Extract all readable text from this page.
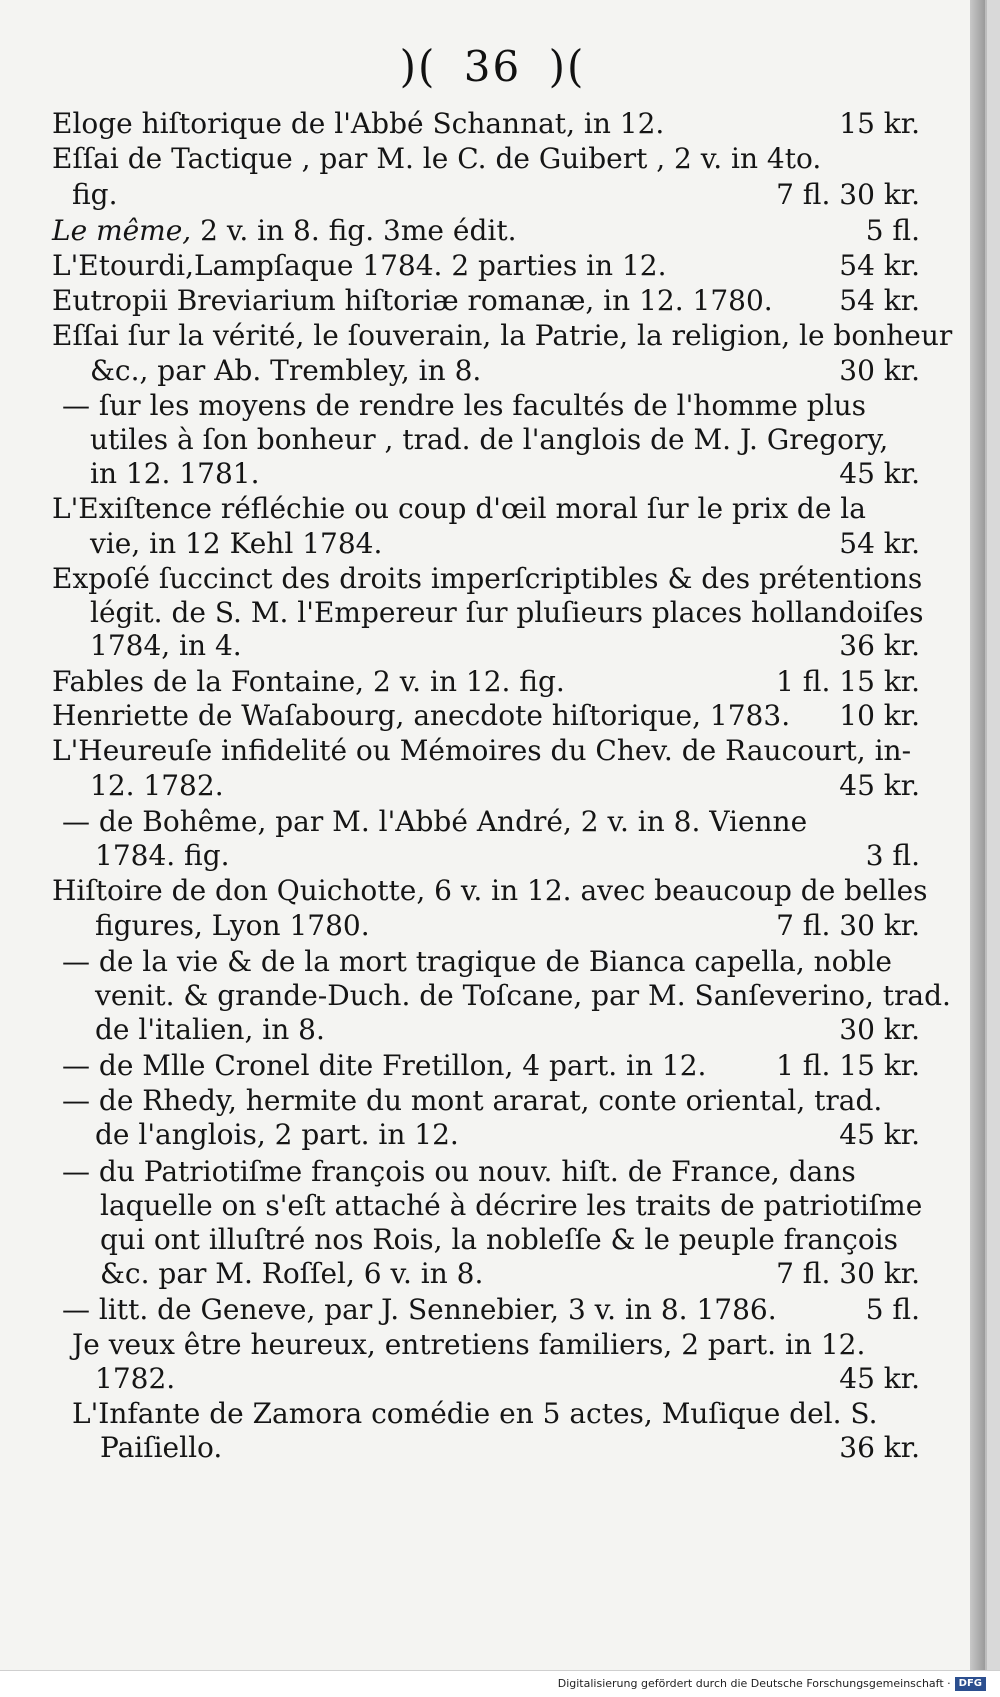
)( 36 )(
Eloge hiſtorique de l'Abbé Schannat, in 12.	15 kr.
Eſſai de Tactique , par M. le C. de Guibert , 2 v. in 4to.
fig.	7 fl. 30 kr.
Le même, 2 v. in 8. fig. 3me édit.	5 fl.
L'Etourdi,Lampſaque 1784. 2 parties in 12.	54 kr.
Eutropii Breviarium hiſtoriæ romanæ, in 12. 1780. 54 kr.
Eſſai ſur la vérité, le ſouverain, la Patrie, la religion, le bonheur
&c., par Ab. Trembley, in 8.	30 kr.
— ſur les moyens de rendre les facultés de l'homme plus
utiles à ſon bonheur , trad. de l'anglois de M. J. Gregory,
in 12. 1781.	45 kr.
L'Exiſtence réfléchie ou coup d'œil moral ſur le prix de la
vie, in 12 Kehl 1784.	54 kr.
Expoſé ſuccinct des droits imperſcriptibles & des prétentions
légit. de S. M. l'Empereur ſur pluſieurs places hollandoiſes
1784, in 4.	36 kr.
Fables de la Fontaine, 2 v. in 12. fig.	1 fl. 15 kr.
Henriette de Waſabourg, anecdote hiſtorique, 1783. 10 kr.
L'Heureuſe infidelité ou Mémoires du Chev. de Raucourt, in-
12. 1782.	45 kr.
— de Bohême, par M. l'Abbé André, 2 v. in 8. Vienne
1784. fig.	3 fl.
Hiſtoire de don Quichotte, 6 v. in 12. avec beaucoup de belles
figures, Lyon 1780.	7 fl. 30 kr.
— de la vie & de la mort tragique de Bianca capella, noble
venit. & grande-Duch. de Toſcane, par M. Sanſeverino, trad.
de l'italien, in 8.	30 kr.
— de Mlle Cronel dite Fretillon, 4 part. in 12. 1 fl. 15 kr.
— de Rhedy, hermite du mont ararat, conte oriental, trad.
de l'anglois, 2 part. in 12.	45 kr.
— du Patriotiſme françois ou nouv. hiſt. de France, dans
laquelle on s'eſt attaché à décrire les traits de patriotiſme
qui ont illuſtré nos Rois, la nobleſſe & le peuple françois
&c. par M. Roſſel, 6 v. in 8.	7 fl. 30 kr.
— litt. de Geneve, par J. Sennebier, 3 v. in 8. 1786.	5 fl.
Je veux être heureux, entretiens familiers, 2 part. in 12.
1782.	45 kr.
L'Infante de Zamora comédie en 5 actes, Muſique del. S.
Paiſiello.	36 kr.
Digitalisierung gefördert durch die Deutsche Forschungsgemeinschaft · DFG
